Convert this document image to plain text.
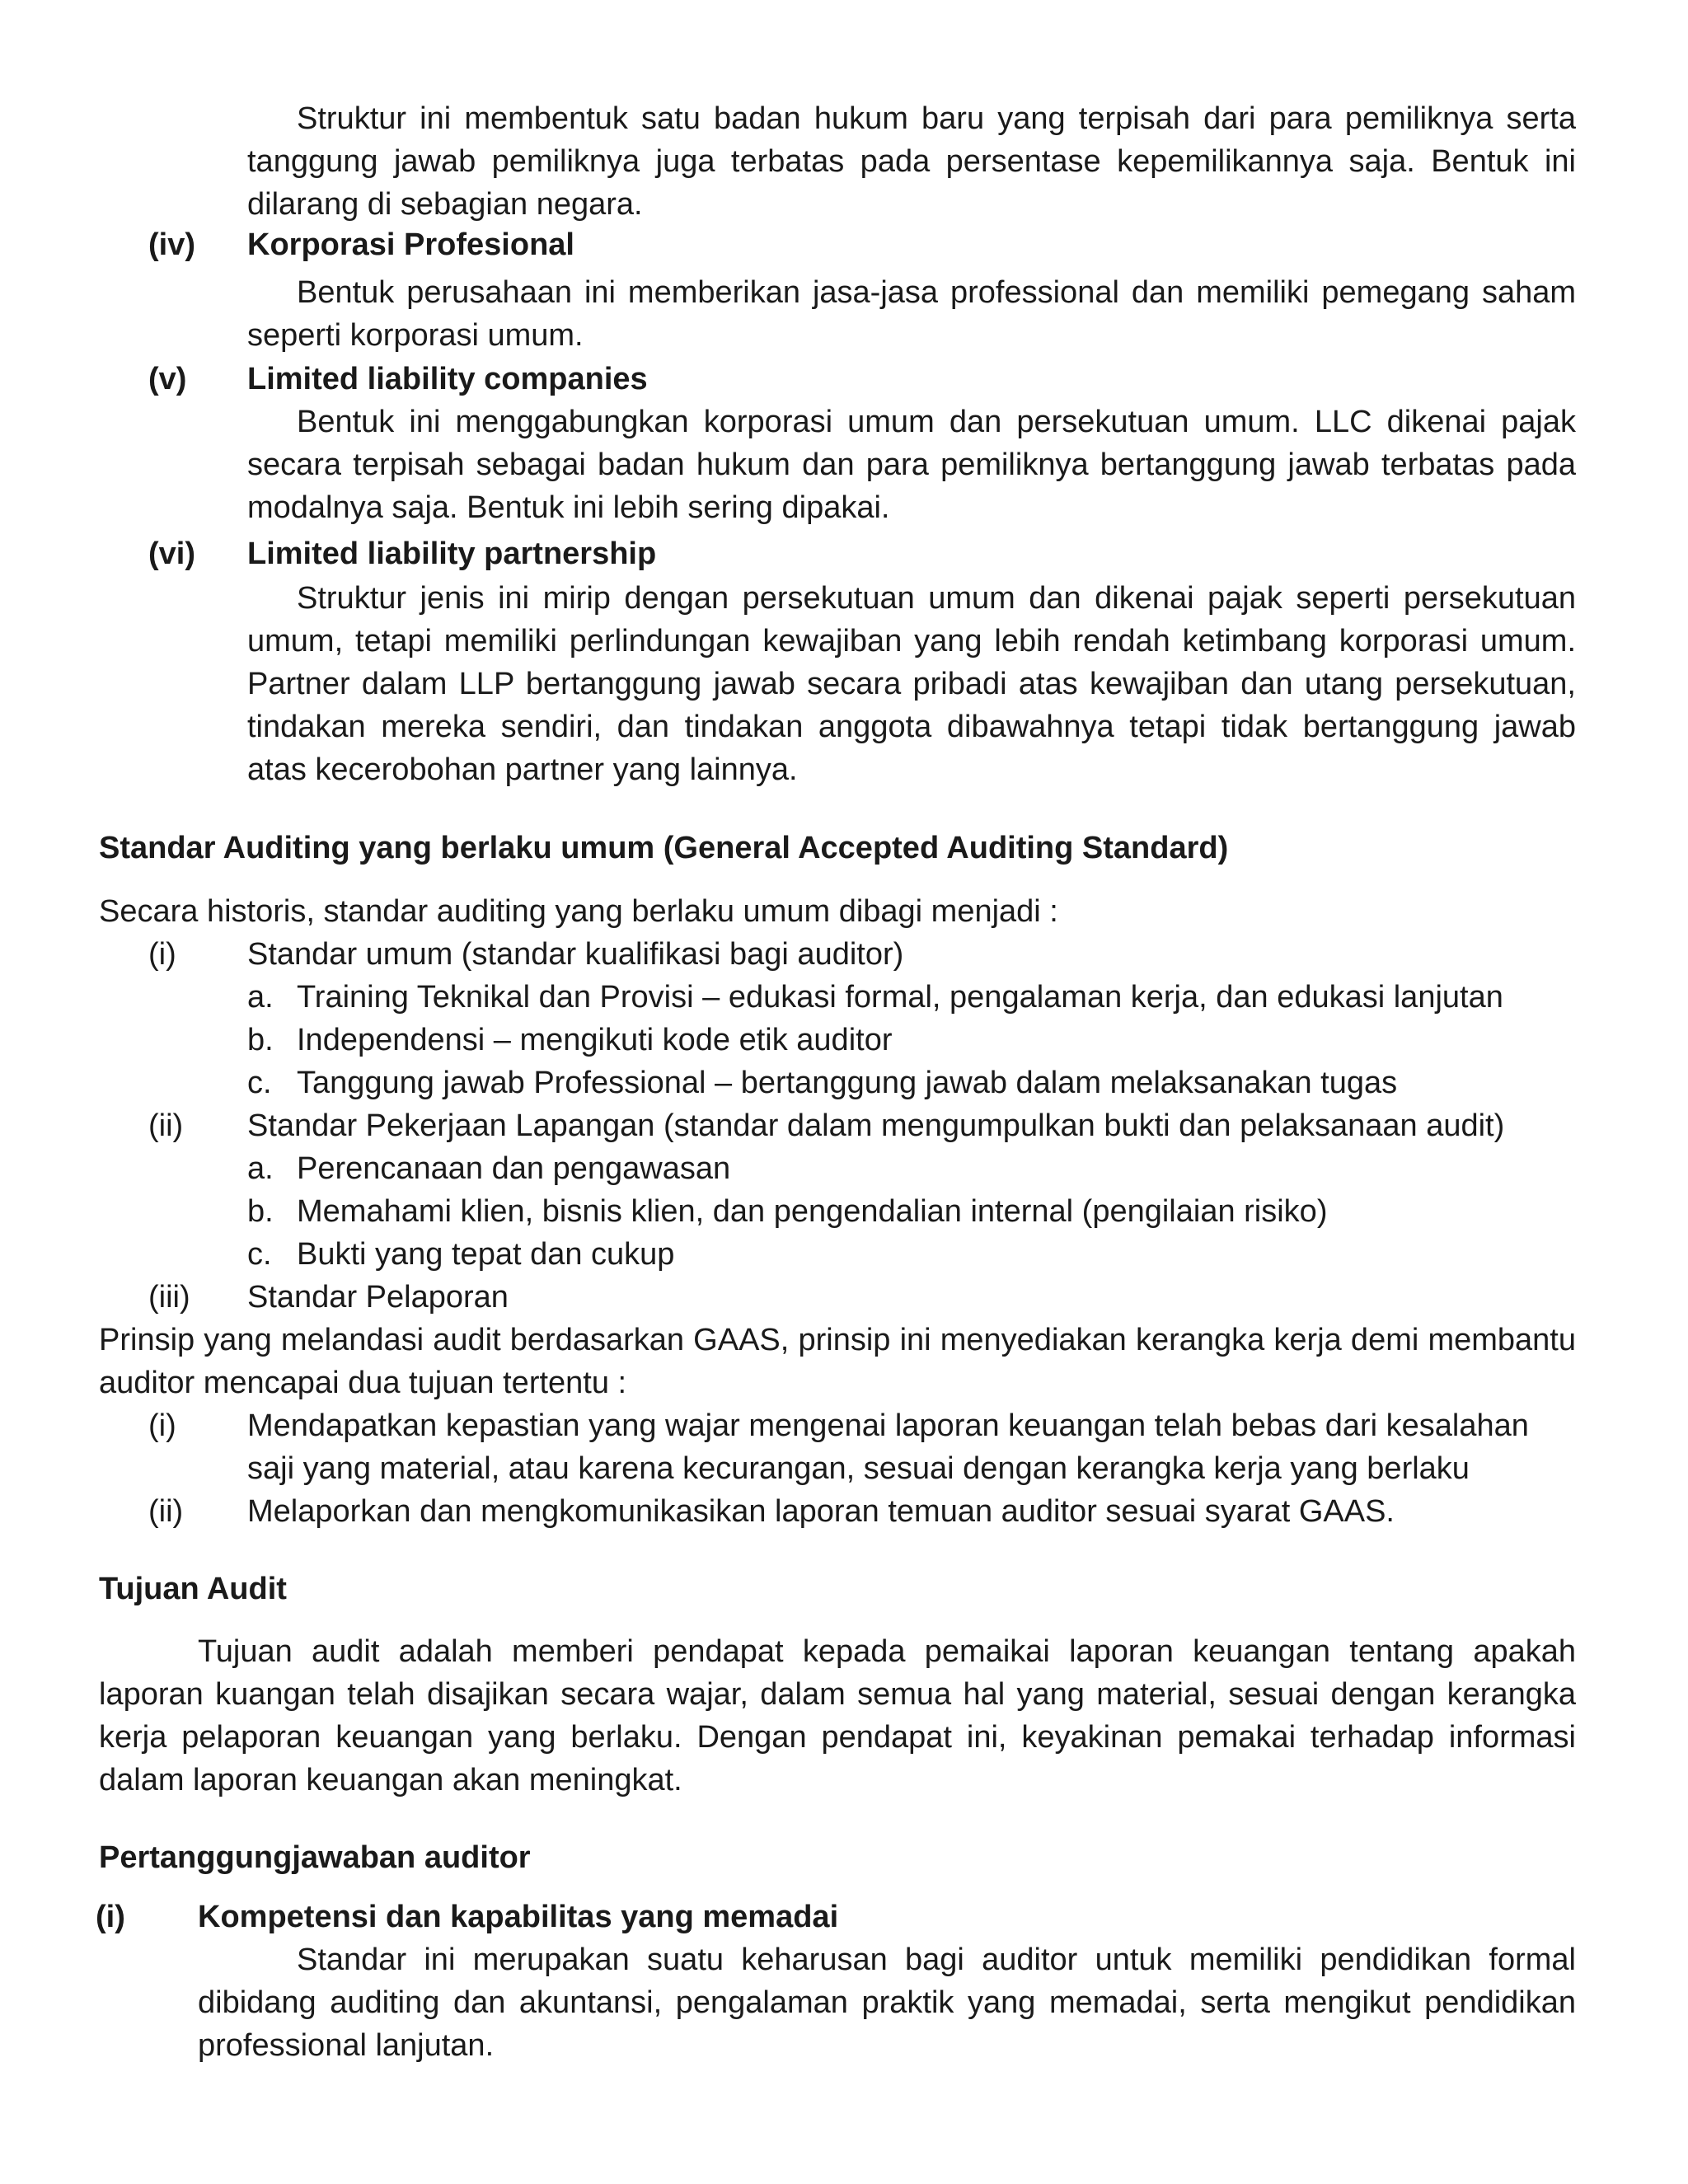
Struktur ini membentuk satu badan hukum baru yang terpisah dari para pemiliknya serta tanggung jawab pemiliknya juga terbatas pada persentase kepemilikannya saja. Bentuk ini dilarang di sebagian negara.

(iv) Korporasi Profesional

Bentuk perusahaan ini memberikan jasa-jasa professional dan memiliki pemegang saham seperti korporasi umum.

(v) Limited liability companies

Bentuk ini menggabungkan korporasi umum dan persekutuan umum. LLC dikenai pajak secara terpisah sebagai badan hukum dan para pemiliknya bertanggung jawab terbatas pada modalnya saja. Bentuk ini lebih sering dipakai.

(vi) Limited liability partnership

Struktur jenis ini mirip dengan persekutuan umum dan dikenai pajak seperti persekutuan umum, tetapi memiliki perlindungan kewajiban yang lebih rendah ketimbang korporasi umum. Partner dalam LLP bertanggung jawab secara pribadi atas kewajiban dan utang persekutuan, tindakan mereka sendiri, dan tindakan anggota dibawahnya tetapi tidak bertanggung jawab atas kecerobohan partner yang lainnya.

Standar Auditing yang berlaku umum (General Accepted Auditing Standard)
Secara historis, standar auditing yang berlaku umum dibagi menjadi :
(i) Standar umum (standar kualifikasi bagi auditor)
a. Training Teknikal dan Provisi – edukasi formal, pengalaman kerja, dan edukasi lanjutan
b. Independensi – mengikuti kode etik auditor
c. Tanggung jawab Professional – bertanggung jawab dalam melaksanakan tugas
(ii) Standar Pekerjaan Lapangan (standar dalam mengumpulkan bukti dan pelaksanaan audit)
a. Perencanaan dan pengawasan
b. Memahami klien, bisnis klien, dan pengendalian internal (pengilaian risiko)
c. Bukti yang tepat dan cukup
(iii) Standar Pelaporan

Prinsip yang melandasi audit berdasarkan GAAS, prinsip ini menyediakan kerangka kerja demi membantu auditor mencapai dua tujuan tertentu :

(i) Mendapatkan kepastian yang wajar mengenai laporan keuangan telah bebas dari kesalahan saji yang material, atau karena kecurangan, sesuai dengan kerangka kerja yang berlaku

(ii) Melaporkan dan mengkomunikasikan laporan temuan auditor sesuai syarat GAAS.
Tujuan Audit

Tujuan audit adalah memberi pendapat kepada pemaikai laporan keuangan tentang apakah laporan kuangan telah disajikan secara wajar, dalam semua hal yang material, sesuai dengan kerangka kerja pelaporan keuangan yang berlaku. Dengan pendapat ini, keyakinan pemakai terhadap informasi dalam laporan keuangan akan meningkat.

Pertanggungjawaban auditor
(i) Kompetensi dan kapabilitas yang memadai

Standar ini merupakan suatu keharusan bagi auditor untuk memiliki pendidikan formal dibidang auditing dan akuntansi, pengalaman praktik yang memadai, serta mengikut pendidikan professional lanjutan.
